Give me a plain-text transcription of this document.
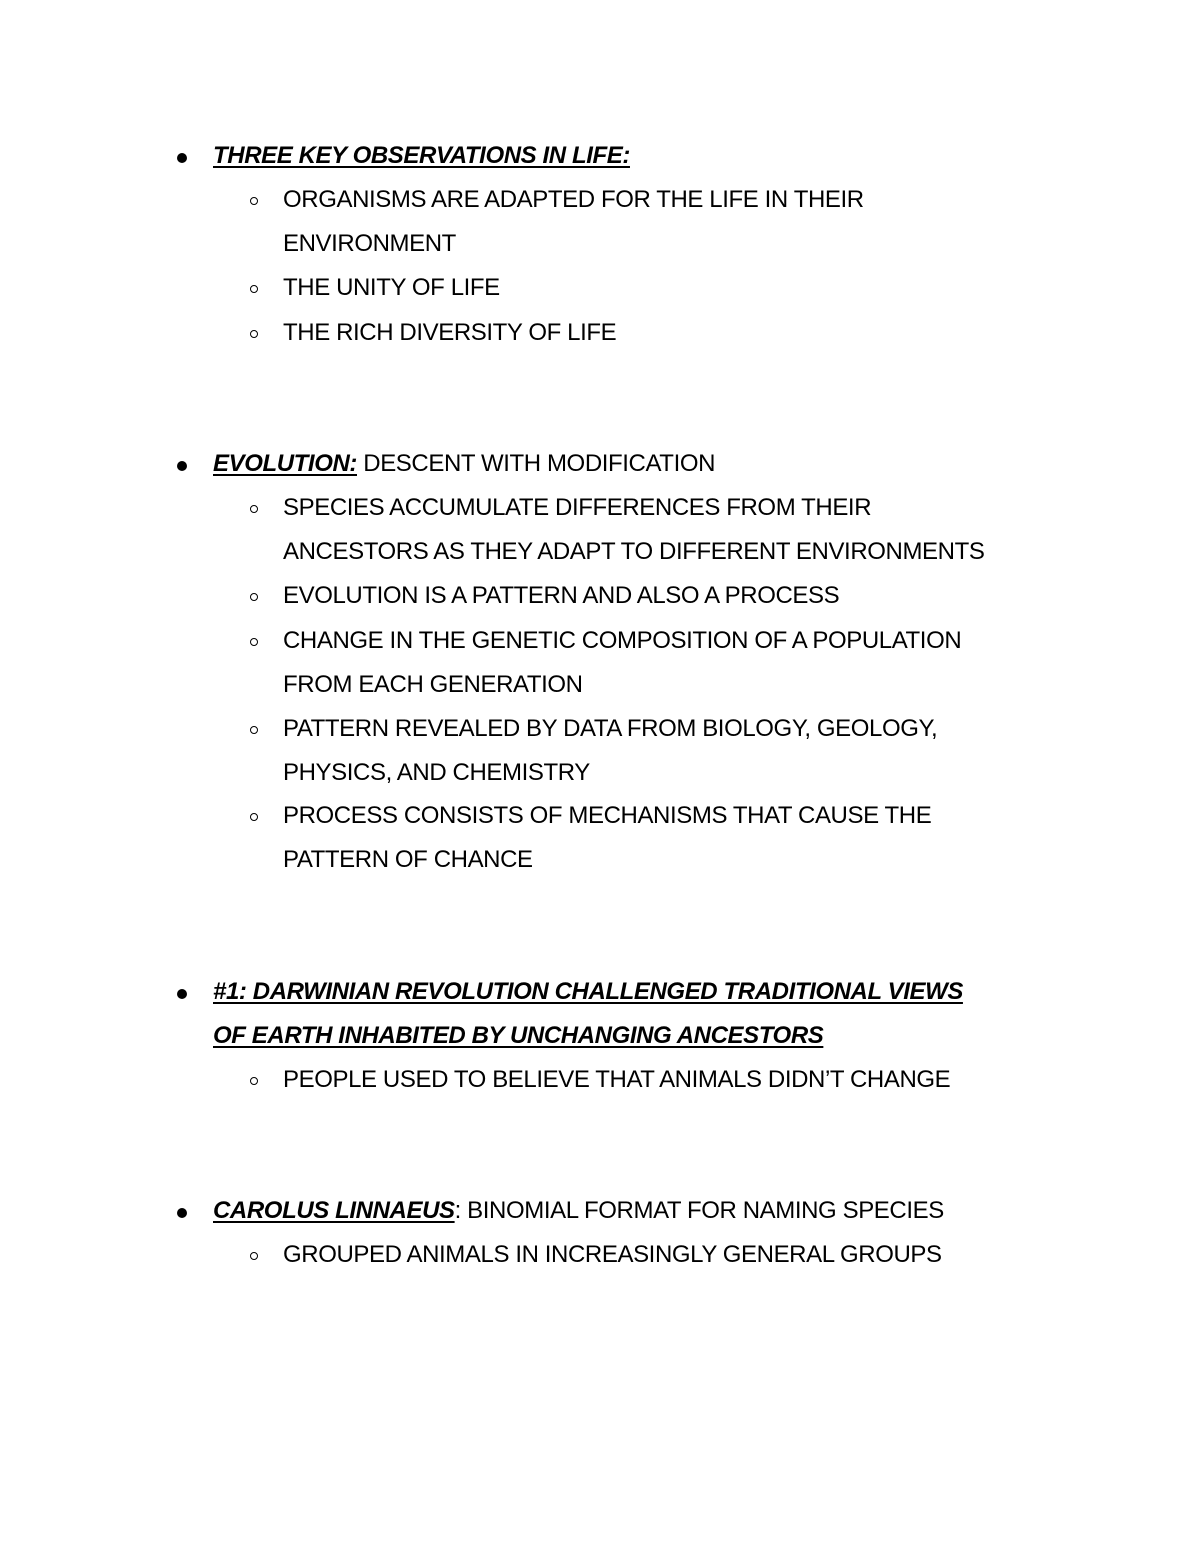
THREE KEY OBSERVATIONS IN LIFE:
ORGANISMS ARE ADAPTED FOR THE LIFE IN THEIR
ENVIRONMENT
THE UNITY OF LIFE
THE RICH DIVERSITY OF LIFE
EVOLUTION: DESCENT WITH MODIFICATION
SPECIES ACCUMULATE DIFFERENCES FROM THEIR
ANCESTORS AS THEY ADAPT TO DIFFERENT ENVIRONMENTS
EVOLUTION IS A PATTERN AND ALSO A PROCESS
CHANGE IN THE GENETIC COMPOSITION OF A POPULATION
FROM EACH GENERATION
PATTERN REVEALED BY DATA FROM BIOLOGY, GEOLOGY,
PHYSICS, AND CHEMISTRY
PROCESS CONSISTS OF MECHANISMS THAT CAUSE THE
PATTERN OF CHANCE
#1: DARWINIAN REVOLUTION CHALLENGED TRADITIONAL VIEWS
OF EARTH INHABITED BY UNCHANGING ANCESTORS
PEOPLE USED TO BELIEVE THAT ANIMALS DIDN’T CHANGE
CAROLUS LINNAEUS: BINOMIAL FORMAT FOR NAMING SPECIES
GROUPED ANIMALS IN INCREASINGLY GENERAL GROUPS
